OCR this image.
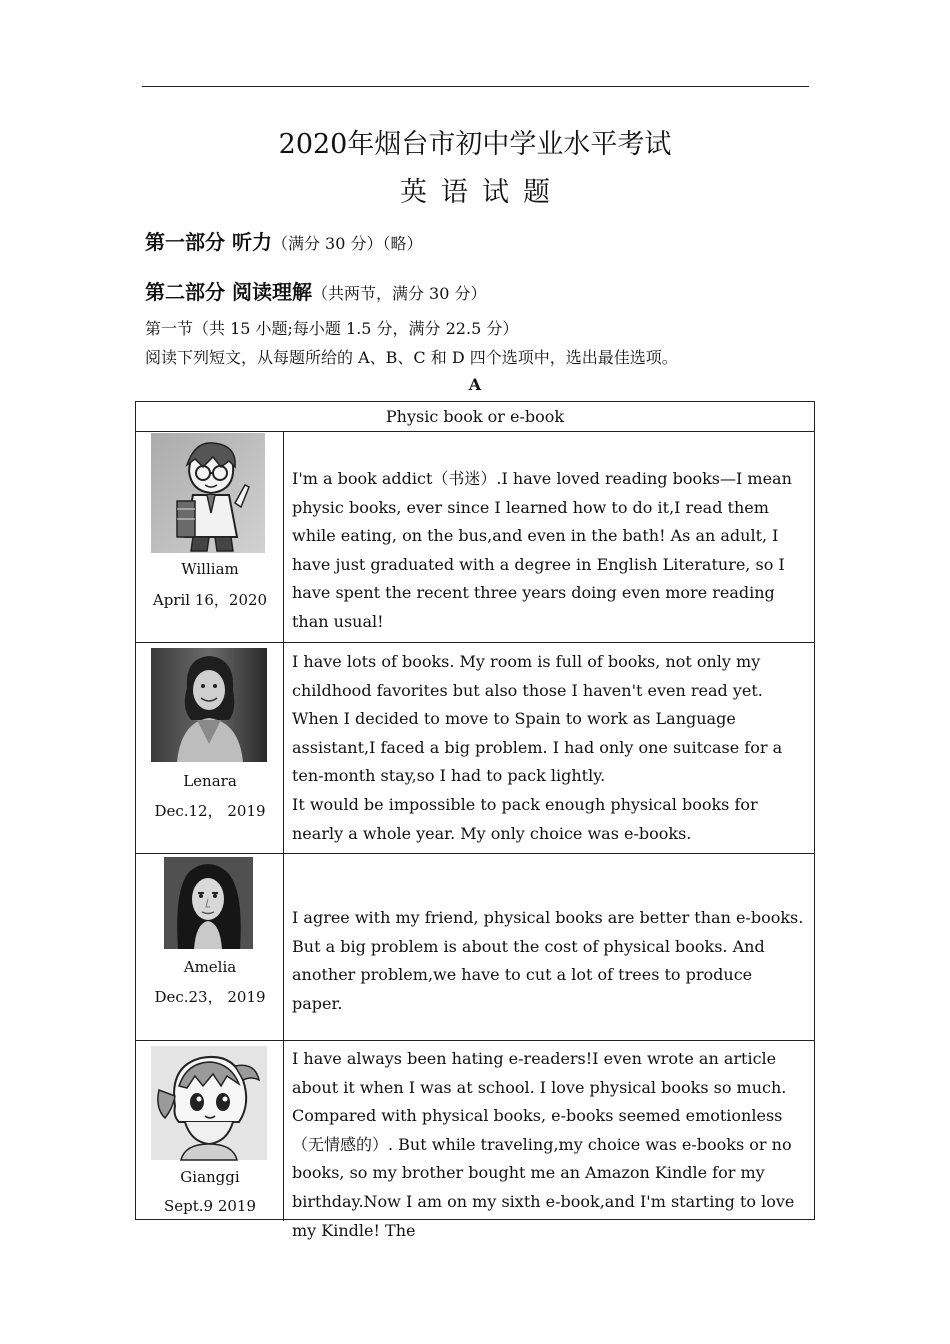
2020年烟台市初中学业水平考试
英语试题
第一部分 听力（满分 30 分）（略）
第二部分 阅读理解（共两节，满分 30 分）
第一节（共 15 小题;每小题 1.5 分，满分 22.5 分）
阅读下列短文，从每题所给的 A、B、C 和 D 四个选项中，选出最佳选项。
A
Physic book or e-book
William
April 16，2020
I'm a book addict（书迷）.I have loved reading books—I mean physic books, ever since I learned how to do it,I read them while eating, on the bus,and even in the bath! As an adult, I have just graduated with a degree in English Literature, so I have spent the recent three years doing even more reading than usual!
Lenara
Dec.12， 2019

I have lots of books. My room is full of books, not only my childhood favorites but also those I haven't even read yet. When I decided to move to Spain to work as Language assistant,I faced a big problem. I had only one suitcase for a ten-month stay,so I had to pack lightly.

It would be impossible to pack enough physical books for nearly a whole year. My only choice was e-books.

Amelia
Dec.23， 2019
I agree with my friend, physical books are better than e-books. But a big problem is about the cost of physical books. And another problem,we have to cut a lot of trees to produce paper.
Gianggi
Sept.9 2019
I have always been hating e-readers!I even wrote an article about it when I was at school. I love physical books so much. Compared with physical books, e-books seemed emotionless（无情感的）. But while traveling,my choice was e-books or no books, so my brother bought me an Amazon Kindle for my birthday.Now I am on my sixth e-book,and I'm starting to love my Kindle! The
